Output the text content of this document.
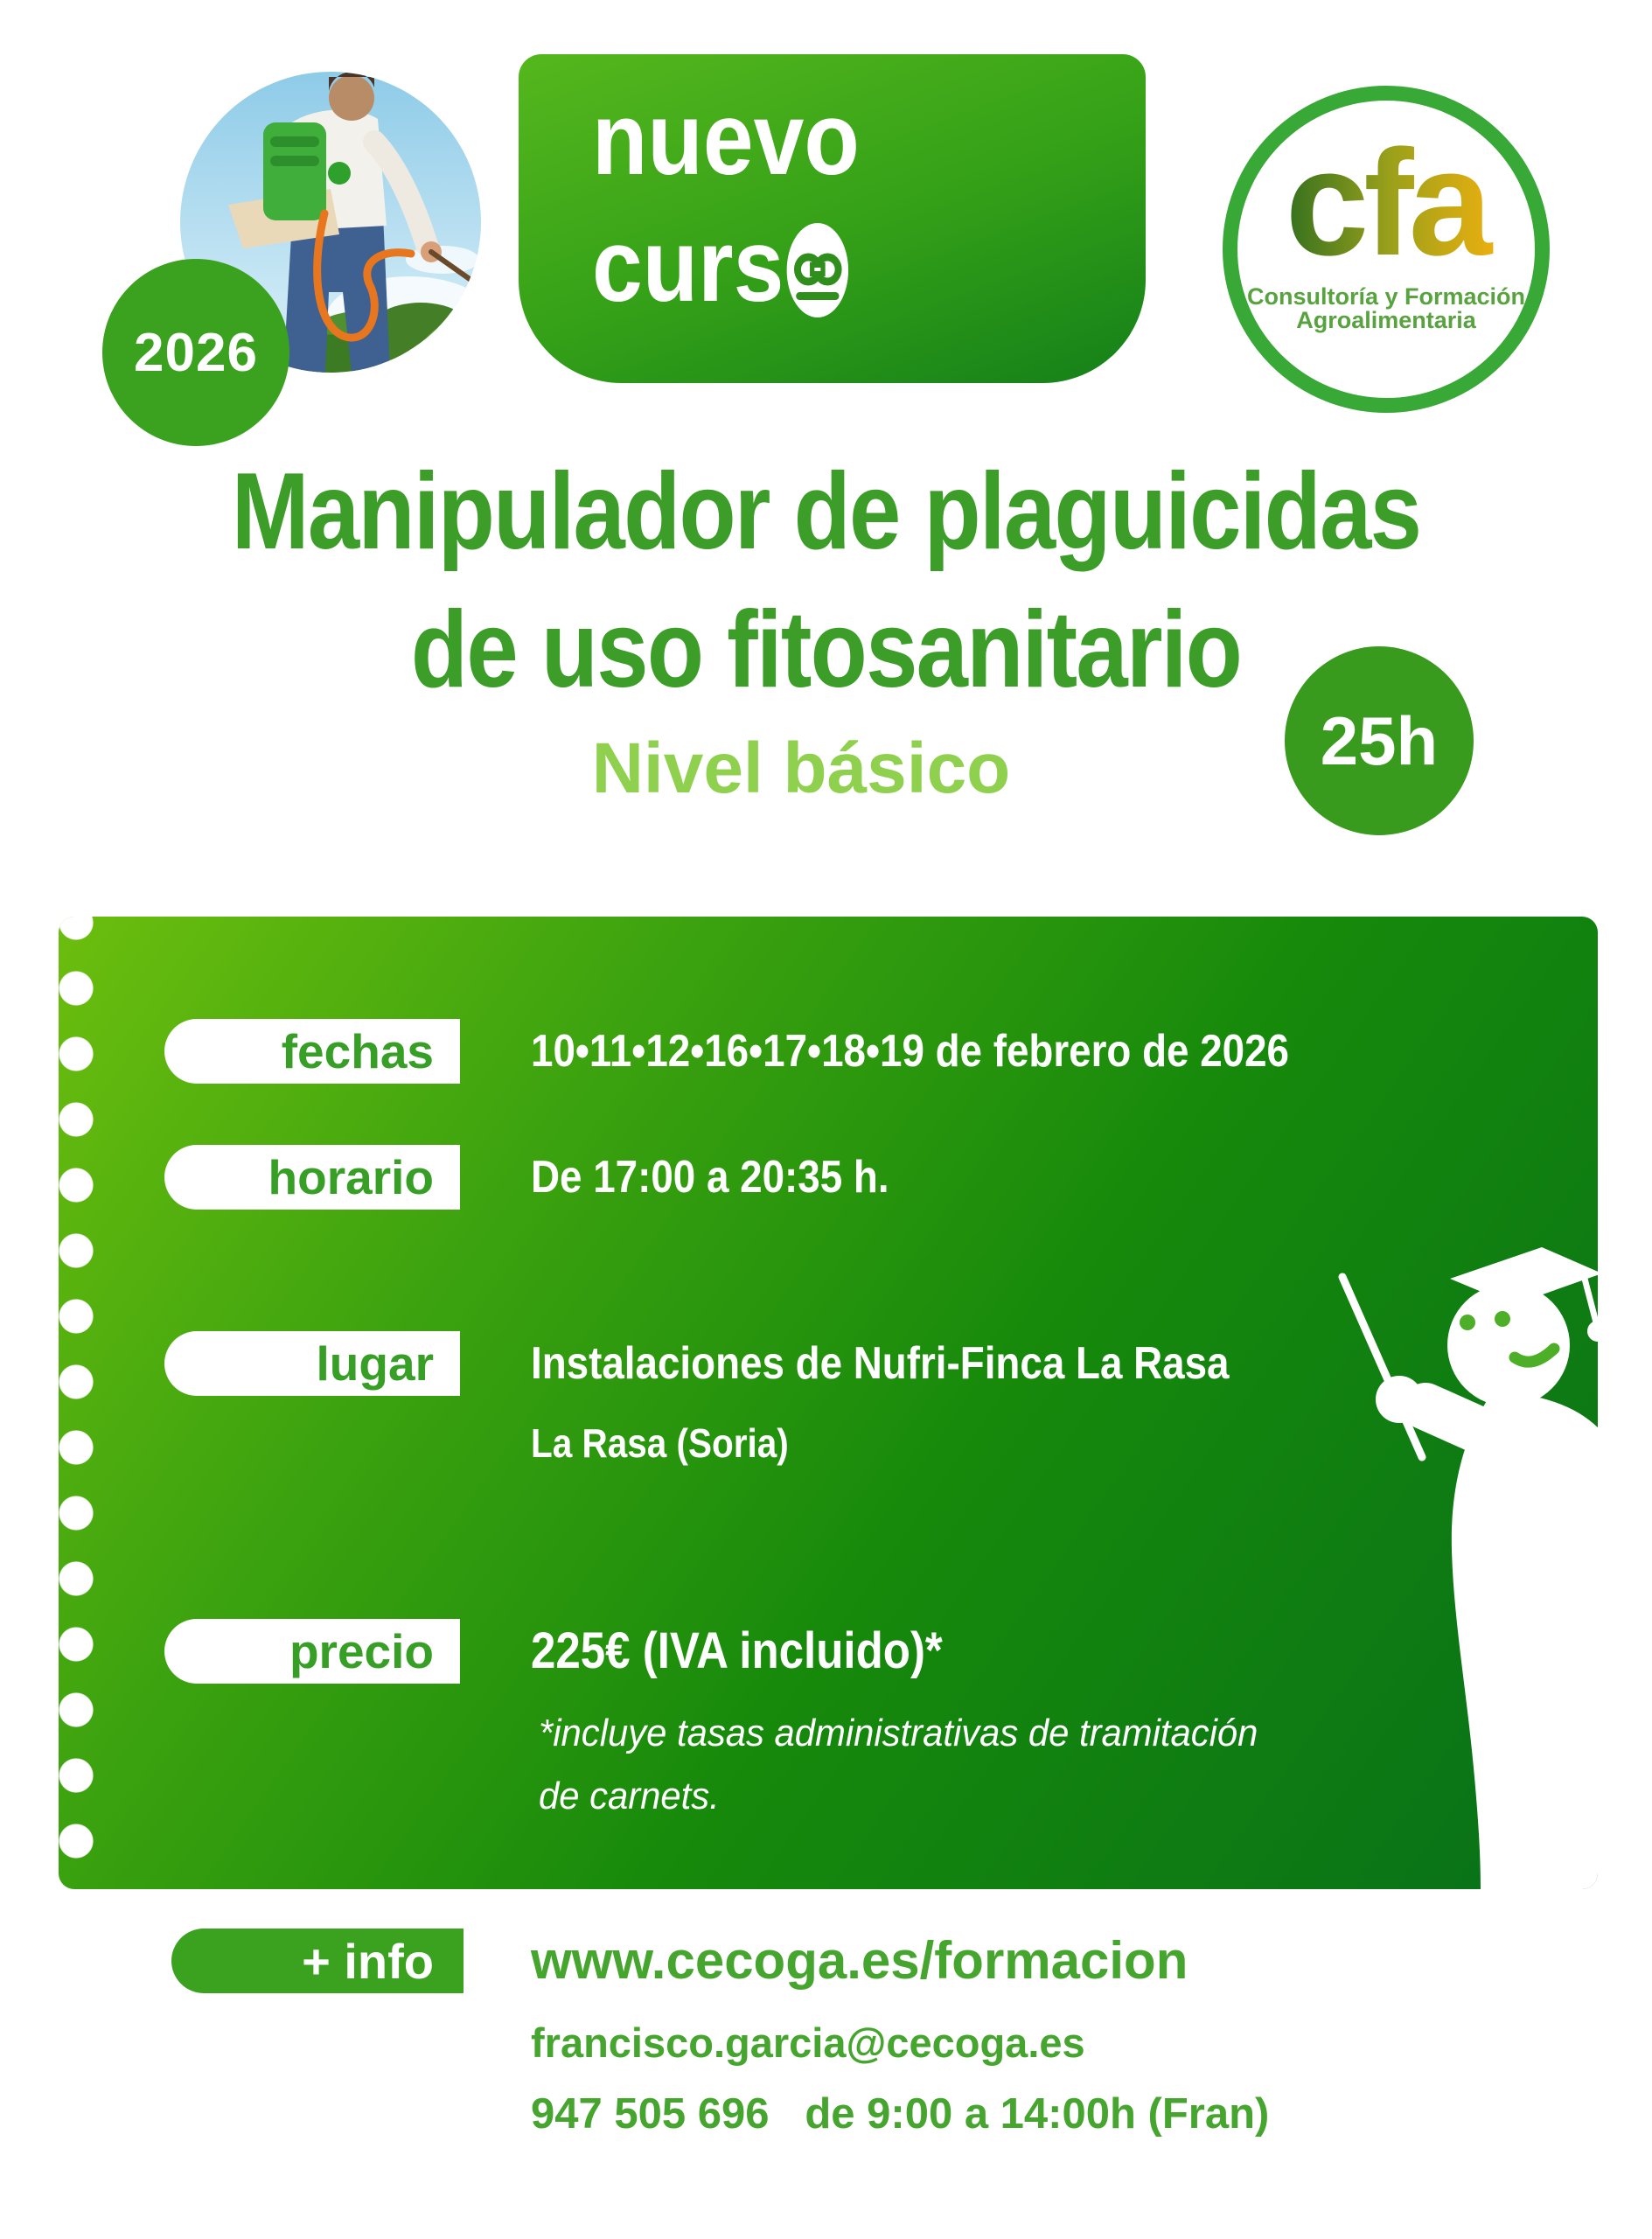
2026
nuevo
curs	cfa
Consultoría y Formación
Agroalimentaria
Manipulador de plaguicidas
de uso fitosanitario
Nivel básico	25h
fechas 10•11•12•16•17•18•19 de febrero de 2026
horario De 17:00 a 20:35 h.
lugar Instalaciones de Nufri-Finca La Rasa
La Rasa (Soria)
precio 225€ (IVA incluido)*
*incluye tasas administrativas de tramitación
de carnets.
+ info www.cecoga.es/formacion
francisco.garcia@cecoga.es
947 505 696   de 9:00 a 14:00h (Fran)
